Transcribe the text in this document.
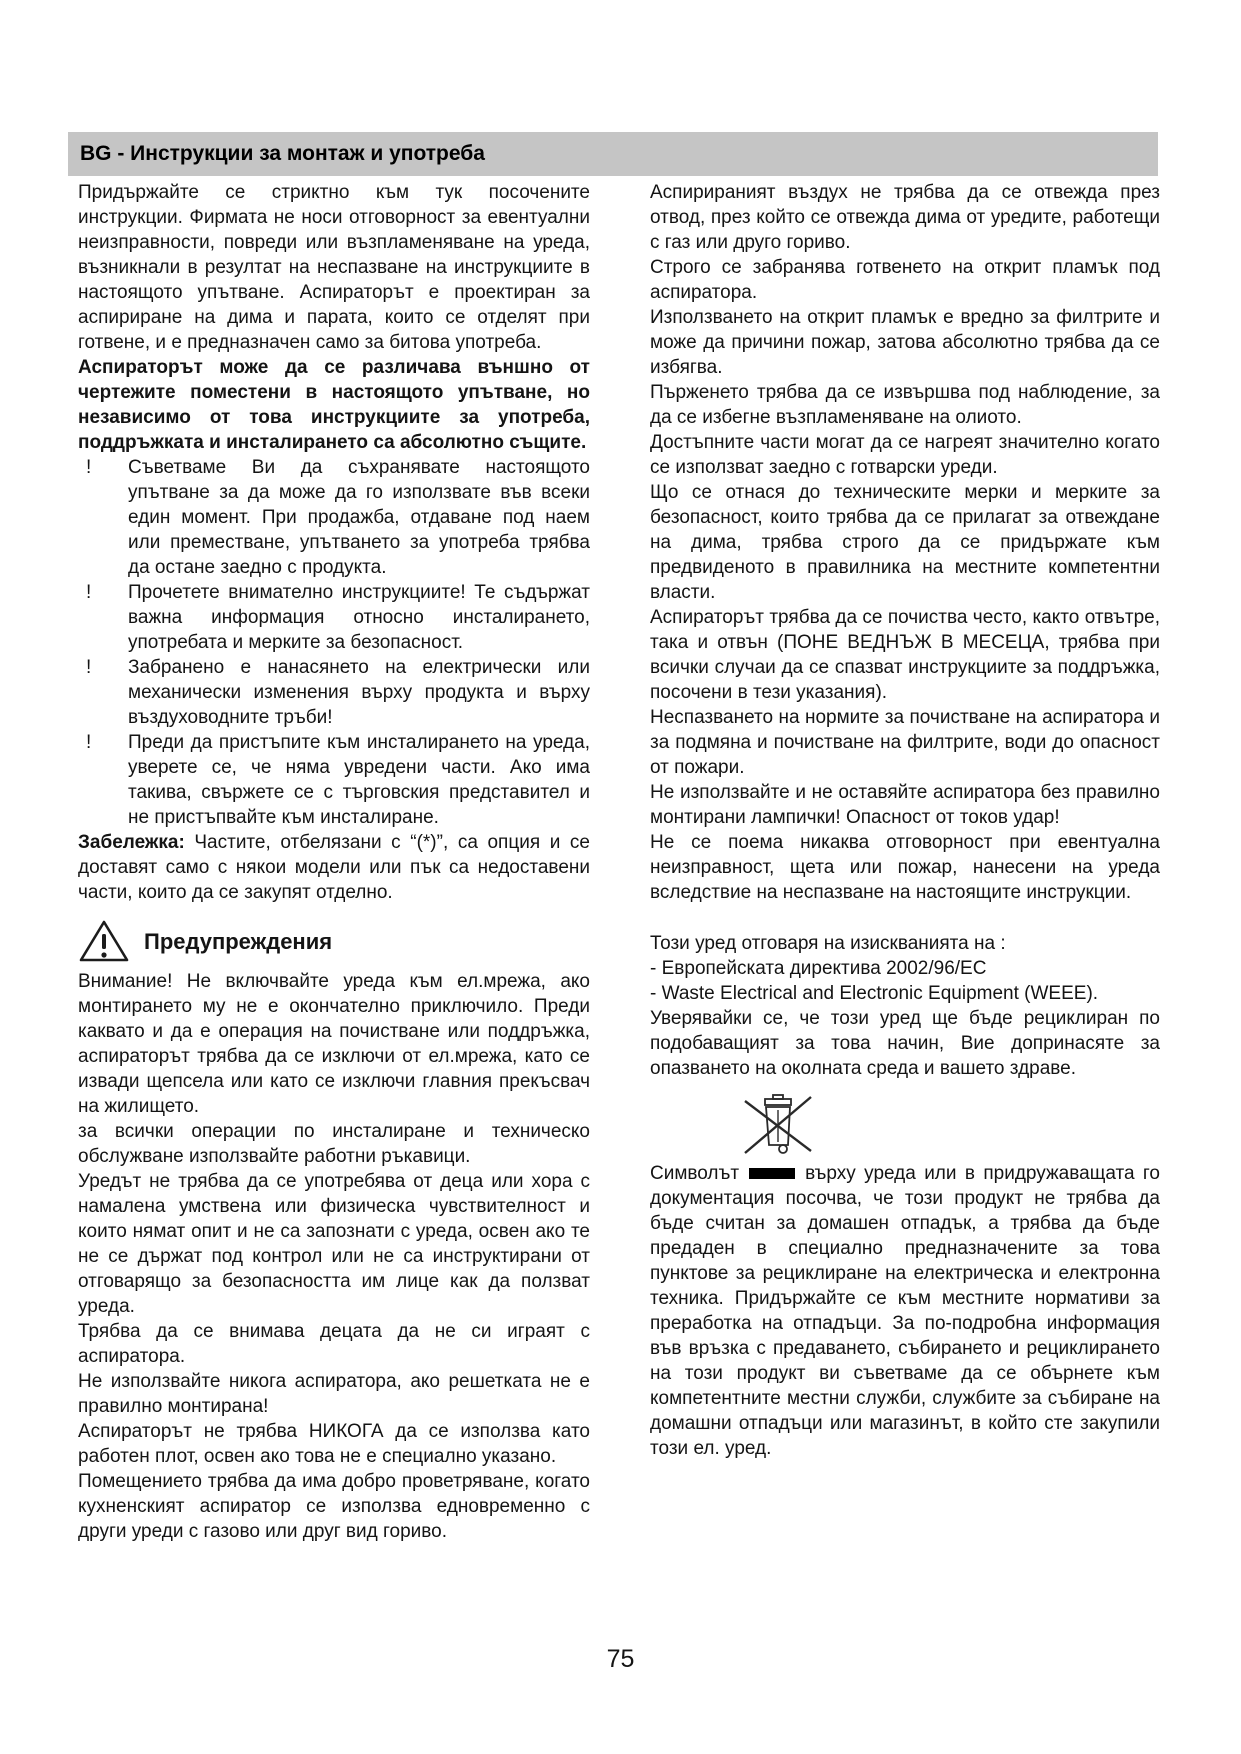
BG - Инструкции за монтаж и употреба

Придържайте се стриктно към тук посочените инструкции. Фирмата не носи отговорност за евентуални неизправности, повреди или възпламеняване на уреда, възникнали в резултат на неспазване на инструкциите в настоящото упътване. Аспираторът е проектиран за аспириране на дима и парата, които се отделят при готвене, и е предназначен само за битова употреба.

Аспираторът може да се различава външно от чертежите поместени в настоящото упътване, но независимо от това инструкциите за употреба, поддръжката и инсталирането са абсолютно същите.

! Съветваме Ви да съхранявате настоящото упътване за да може да го използвате във всеки един момент. При продажба, отдаване под наем или преместване, упътването за употреба трябва да остане заедно с продукта.
! Прочетете внимателно инструкциите! Те съдържат важна информация относно инсталирането, употребата и мерките за безопасност.
! Забранено е нанасянето на електрически или механически изменения върху продукта и върху въздуховодните тръби!
! Преди да пристъпите към инсталирането на уреда, уверете се, че няма увредени части. Ако има такива, свържете се с търговския представител и не пристъпвайте към инсталиране.

Забележка: Частите, отбелязани с “(*)”, са опция и се доставят само с някои модели или пък са недоставени части, които да се закупят отделно.

Предупреждения

Внимание! Не включвайте уреда към ел.мрежа, ако монтирането му не е окончателно приключило. Преди каквато и да е операция на почистване или поддръжка, аспираторът трябва да се изключи от ел.мрежа, като се извади щепсела или като се изключи главния прекъсвач на жилището.

за всички операции по инсталиране и техническо обслужване използвайте работни ръкавици.

Уредът не трябва да се употребява от деца или хора с намалена умствена или физическа чувствителност и които нямат опит и не са запознати с уреда, освен ако те не се държат под контрол или не са инструктирани от отговарящо за безопасността им лице как да ползват уреда.

Трябва да се внимава децата да не си играят с аспиратора.

Не използвайте никога аспиратора, ако решетката не е правилно монтирана!

Аспираторът не трябва НИКОГА да се използва като работен плот, освен ако това не е специално указано.

Помещението трябва да има добро проветряване, когато кухненският аспиратор се използва едновременно с други уреди с газово или друг вид гориво.

Аспирираният въздух не трябва да се отвежда през отвод, през който се отвежда дима от уредите, работещи с газ или друго гориво.

Строго се забранява готвенето на открит пламък под аспиратора.

Използването на открит пламък е вредно за филтрите и може да причини пожар, затова абсолютно трябва да се избягва.

Пърженето трябва да се извършва под наблюдение, за да се избегне възпламеняване на олиото.

Достъпните части могат да се нагреят значително когато се използват заедно с готварски уреди.

Що се отнася до техническите мерки и мерките за безопасност, които трябва да се прилагат за отвеждане на дима, трябва строго да се придържате към предвиденото в правилника на местните компетентни власти.

Аспираторът трябва да се почиства често, както отвътре, така и отвън (ПОНЕ ВЕДНЪЖ В МЕСЕЦА, трябва при всички случаи да се спазват инструкциите за поддръжка, посочени в тези указания).

Неспазването на нормите за почистване на аспиратора и за подмяна и почистване на филтрите, води до опасност от пожари.

Не използвайте и не оставяйте аспиратора без правилно монтирани лампички! Опасност от токов удар!

Не се поема никаква отговорност при евентуална неизправност, щета или пожар, нанесени на уреда вследствие на неспазване на настоящите инструкции.

Този уред отговаря на изискванията на :

- Европейската директива 2002/96/EC

- Waste Electrical and Electronic Equipment (WEEE).

Уверявайки се, че този уред ще бъде рециклиран по подобаващият за това начин, Вие допринасяте за опазването на околната среда и вашето здраве.

Символът	върху уреда или в придружаващата го документация посочва, че този продукт не трябва да бъде считан за домашен отпадък, а трябва да бъде предаден в специално предназначените за това пунктове за рециклиране на електрическа и електронна техника. Придържайте се към местните нормативи за преработка на отпадъци. За по-подробна информация във връзка с предаването, събирането и рециклирането на този продукт ви съветваме да се обърнете към компетентните местни служби, службите за събиране на домашни отпадъци или магазинът, в който сте закупили този ел. уред.

75
